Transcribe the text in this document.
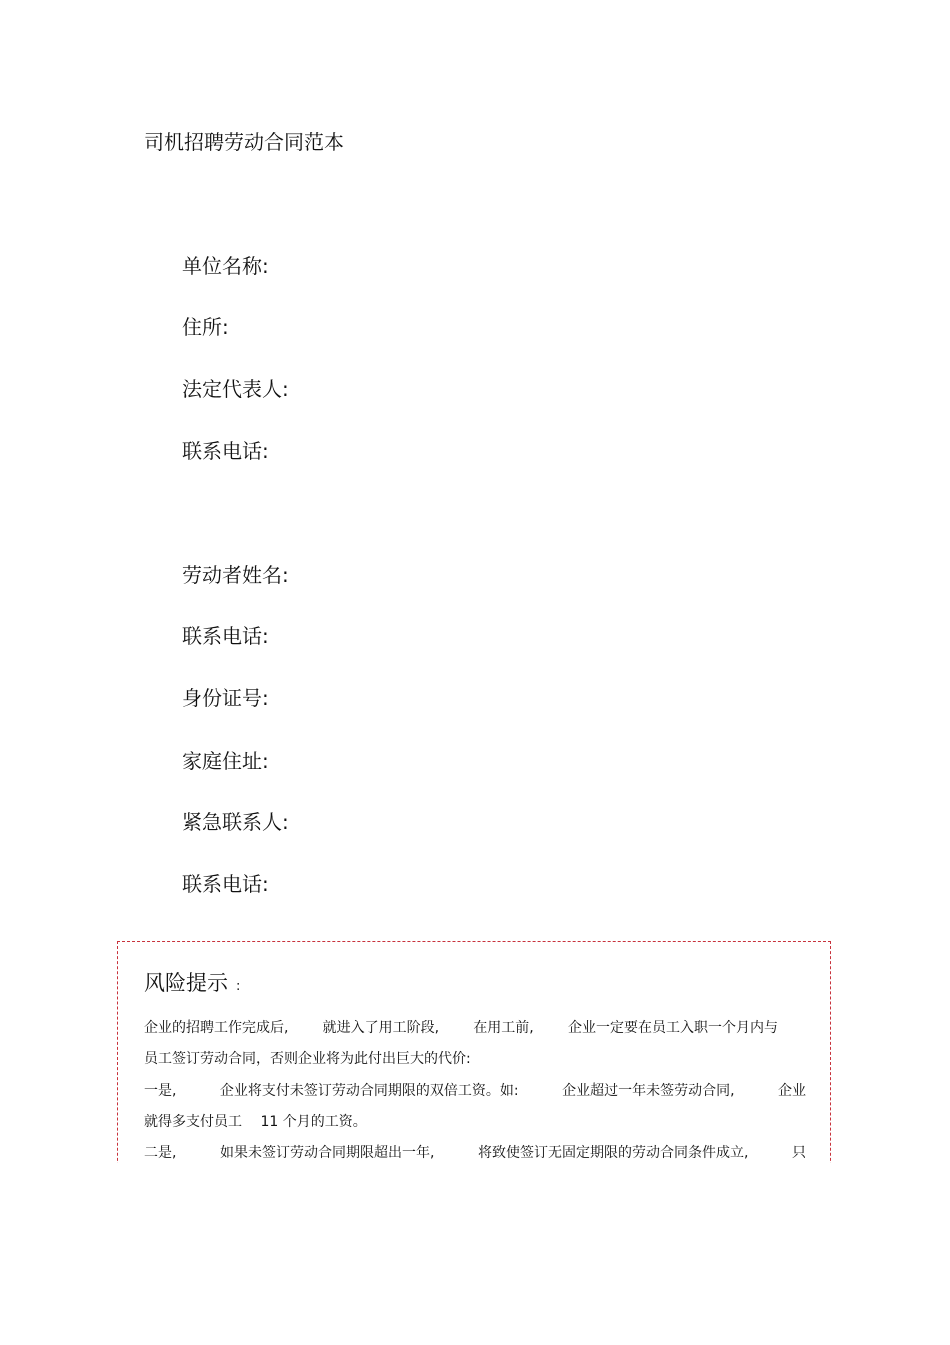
司机招聘劳动合同范本
单位名称:
住所:
法定代表人:
联系电话:
劳动者姓名:
联系电话:
身份证号:
家庭住址:
紧急联系人:
联系电话:
风险提示 :
企业的招聘工作完成后, 就进入了用工阶段, 在用工前, 企业一定要在员工入职一个月内与
员工签订劳动合同，否则企业将为此付出巨大的代价:
一是,	企业将支付未签订劳动合同期限的双倍工资。如:	企业超过一年未签劳动合同,	企业
就得多支付员工　 11 个月的工资。
二是,	如果未签订劳动合同期限超出一年,	将致使签订无固定期限的劳动合同条件成立,	只
